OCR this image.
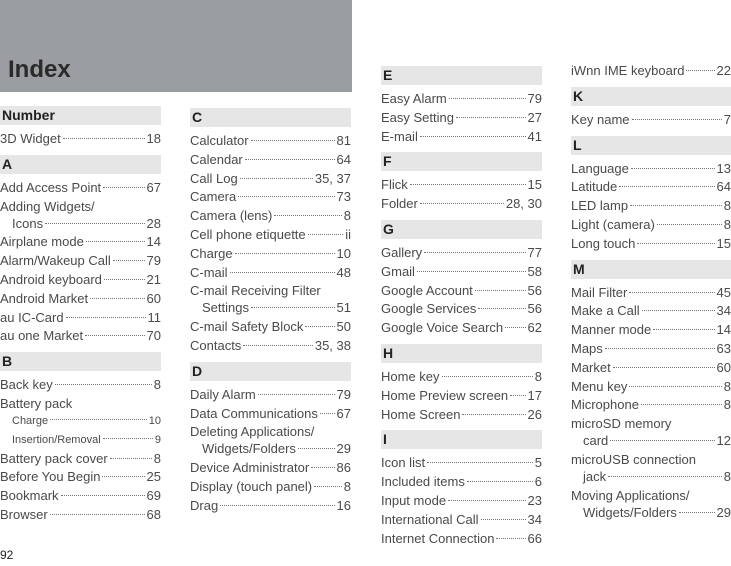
Index
Number
3D Widget	18
A
Add Access Point	67
Adding Widgets/
Icons	28
Airplane mode	14
Alarm/Wakeup Call	79
Android keyboard	21
Android Market	60
au IC-Card	11
au one Market	70
B
Back key	8
Battery pack
Charge	10
Insertion/Removal	9
Battery pack cover	8
Before You Begin	25
Bookmark	69
Browser	68
C
Calculator	81
Calendar	64
Call Log	35, 37
Camera	73
Camera (lens)	8
Cell phone etiquette	ii
Charge	10
C-mail	48
C-mail Receiving Filter
Settings	51
C-mail Safety Block	50
Contacts	35, 38
D
Daily Alarm	79
Data Communications 67
Deleting Applications/
Widgets/Folders	29
Device Administrator 86
Display (touch panel) 8
Drag	16
E
Easy Alarm	79
Easy Setting	27
E-mail	41
F
Flick	15
Folder	28, 30
G
Gallery	77
Gmail	58
Google Account	56
Google Services	56
Google Voice Search 62
H
Home key	8
Home Preview screen 17
Home Screen	26
I
Icon list	5
Included items	6
Input mode	23
International Call	34
Internet Connection	66
iWnn IME keyboard 22
K
Key name	7
L
Language	13
Latitude	64
LED lamp	8
Light (camera)	8
Long touch	15
M
Mail Filter	45
Make a Call	34
Manner mode	14
Maps	63
Market	60
Menu key	8
Microphone	8
microSD memory
card	12
microUSB connection
jack	8
Moving Applications/
Widgets/Folders	29
92
